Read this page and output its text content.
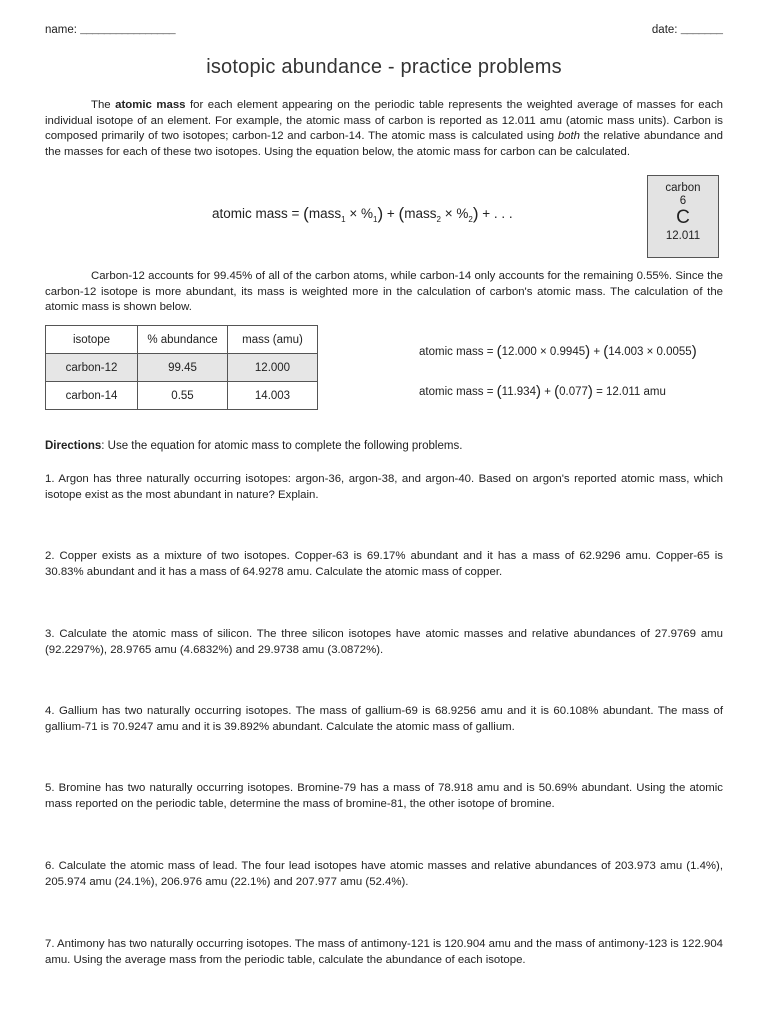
name: ________________	date: _______
isotopic abundance - practice problems

The atomic mass for each element appearing on the periodic table represents the weighted average of masses for each individual isotope of an element. For example, the atomic mass of carbon is reported as 12.011 amu (atomic mass units). Carbon is composed primarily of two isotopes; carbon-12 and carbon-14. The atomic mass is calculated using both the relative abundance and the masses for each of these two isotopes. Using the equation below, the atomic mass for carbon can be calculated.

atomic mass = (mass$_1$ × $\%_1$) + (mass$_2$ × $\%_2$) + . . .
carbon
6
C
12.011

Carbon-12 accounts for 99.45% of all of the carbon atoms, while carbon-14 only accounts for the remaining 0.55%. Since the carbon-12 isotope is more abundant, its mass is weighted more in the calculation of carbon's atomic mass. The calculation of the atomic mass is shown below.

isotope	% abundance	mass (amu)
carbon-12	99.45	12.000
carbon-14	0.55	14.003
atomic mass = (12.000 × 0.9945) + (14.003 × 0.0055)
atomic mass = (11.934) + (0.077) = 12.011 amu
Directions: Use the equation for atomic mass to complete the following problems.

1. Argon has three naturally occurring isotopes: argon-36, argon-38, and argon-40. Based on argon's reported atomic mass, which isotope exist as the most abundant in nature? Explain.

2. Copper exists as a mixture of two isotopes. Copper-63 is 69.17% abundant and it has a mass of 62.9296 amu. Copper-65 is 30.83% abundant and it has a mass of 64.9278 amu. Calculate the atomic mass of copper.

3. Calculate the atomic mass of silicon. The three silicon isotopes have atomic masses and relative abundances of 27.9769 amu (92.2297%), 28.9765 amu (4.6832%) and 29.9738 amu (3.0872%).

4. Gallium has two naturally occurring isotopes. The mass of gallium-69 is 68.9256 amu and it is 60.108% abundant. The mass of gallium-71 is 70.9247 amu and it is 39.892% abundant. Calculate the atomic mass of gallium.

5. Bromine has two naturally occurring isotopes. Bromine-79 has a mass of 78.918 amu and is 50.69% abundant. Using the atomic mass reported on the periodic table, determine the mass of bromine-81, the other isotope of bromine.

6. Calculate the atomic mass of lead. The four lead isotopes have atomic masses and relative abundances of 203.973 amu (1.4%), 205.974 amu (24.1%), 206.976 amu (22.1%) and 207.977 amu (52.4%).

7. Antimony has two naturally occurring isotopes. The mass of antimony-121 is 120.904 amu and the mass of antimony-123 is 122.904 amu. Using the average mass from the periodic table, calculate the abundance of each isotope.
